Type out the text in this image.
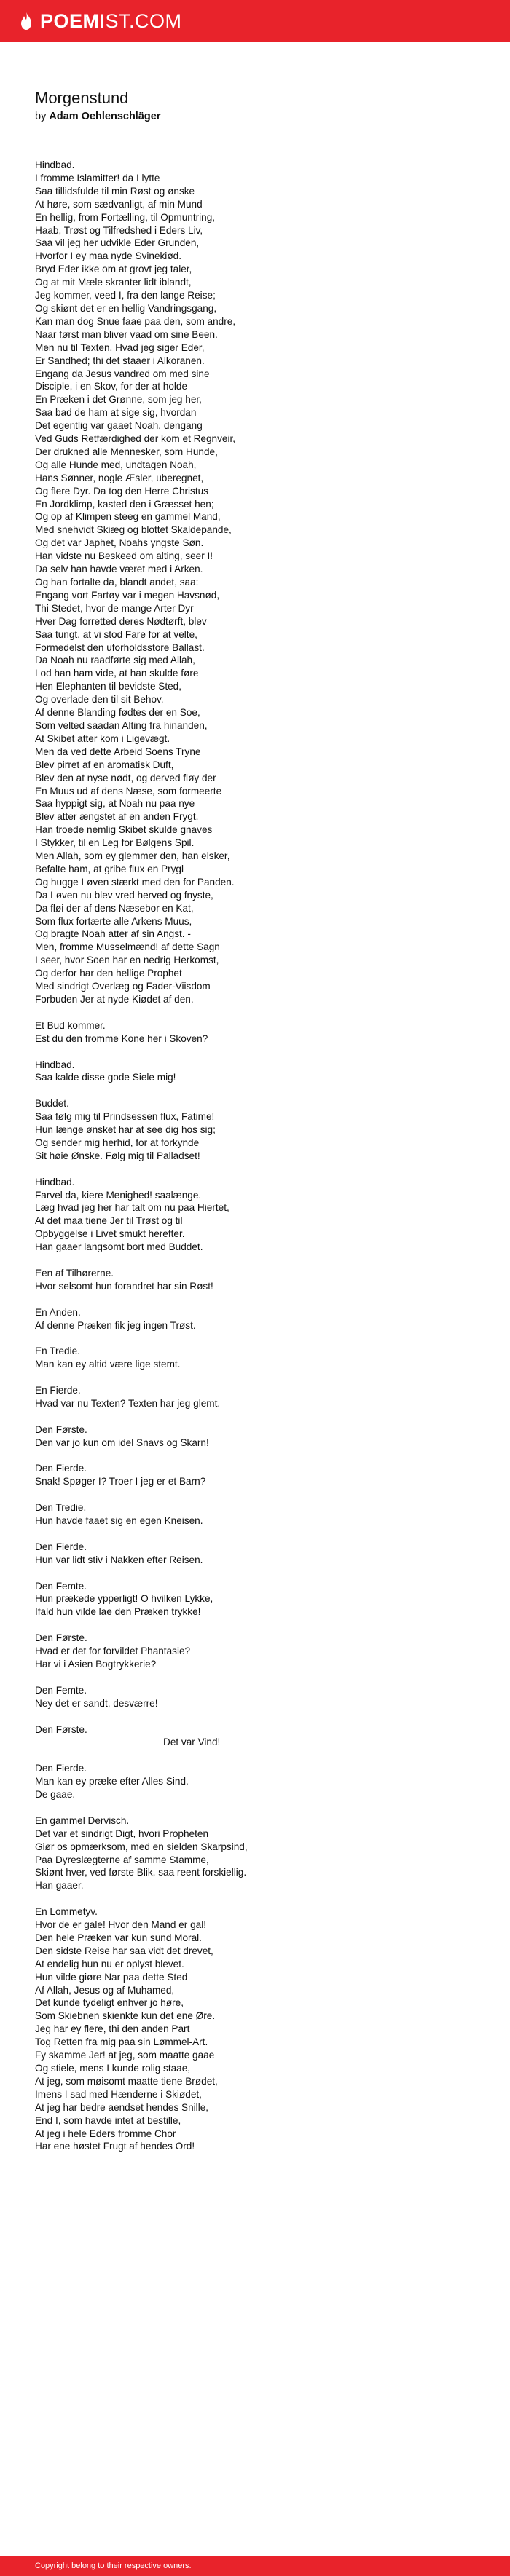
POEMIST.COM
Morgenstund
by Adam Oehlenschläger
Hindbad.
I fromme Islamitter! da I lytte
Saa tillidsfulde til min Røst og ønske
At høre, som sædvanligt, af min Mund
En hellig, from Fortælling, til Opmuntring,
Haab, Trøst og Tilfredshed i Eders Liv,
Saa vil jeg her udvikle Eder Grunden,
Hvorfor I ey maa nyde Svinekiød.
Bryd Eder ikke om at grovt jeg taler,
Og at mit Mæle skranter lidt iblandt,
Jeg kommer, veed I, fra den lange Reise;
Og skiønt det er en hellig Vandringsgang,
Kan man dog Snue faae paa den, som andre,
Naar først man bliver vaad om sine Been.
Men nu til Texten. Hvad jeg siger Eder,
Er Sandhed; thi det staaer i Alkoranen.
Engang da Jesus vandred om med sine
Disciple, i en Skov, for der at holde
En Præken i det Grønne, som jeg her,
Saa bad de ham at sige sig, hvordan
Det egentlig var gaaet Noah, dengang
Ved Guds Retfærdighed der kom et Regnveir,
Der drukned alle Mennesker, som Hunde,
Og alle Hunde med, undtagen Noah,
Hans Sønner, nogle Æsler, uberegnet,
Og flere Dyr. Da tog den Herre Christus
En Jordklimp, kasted den i Græsset hen;
Og op af Klimpen steeg en gammel Mand,
Med snehvidt Skiæg og blottet Skaldepande,
Og det var Japhet, Noahs yngste Søn.
Han vidste nu Beskeed om alting, seer I!
Da selv han havde været med i Arken.
Og han fortalte da, blandt andet, saa:
Engang vort Fartøy var i megen Havsnød,
Thi Stedet, hvor de mange Arter Dyr
Hver Dag forretted deres Nødtørft, blev
Saa tungt, at vi stod Fare for at velte,
Formedelst den uforholdsstore Ballast.
Da Noah nu raadførte sig med Allah,
Lod han ham vide, at han skulde føre
Hen Elephanten til bevidste Sted,
Og overlade den til sit Behov.
Af denne Blanding fødtes der en Soe,
Som velted saadan Alting fra hinanden,
At Skibet atter kom i Ligevægt.
Men da ved dette Arbeid Soens Tryne
Blev pirret af en aromatisk Duft,
Blev den at nyse nødt, og derved fløy der
En Muus ud af dens Næse, som formeerte
Saa hyppigt sig, at Noah nu paa nye
Blev atter ængstet af en anden Frygt.
Han troede nemlig Skibet skulde gnaves
I Stykker, til en Leg for Bølgens Spil.
Men Allah, som ey glemmer den, han elsker,
Befalte ham, at gribe flux en Prygl
Og hugge Løven stærkt med den for Panden.
Da Løven nu blev vred herved og fnyste,
Da fløi der af dens Næsebor en Kat,
Som flux fortærte alle Arkens Muus,
Og bragte Noah atter af sin Angst. -
Men, fromme Musselmænd! af dette Sagn
I seer, hvor Soen har en nedrig Herkomst,
Og derfor har den hellige Prophet
Med sindrigt Overlæg og Fader-Viisdom
Forbuden Jer at nyde Kiødet af den.
Et Bud kommer.
Est du den fromme Kone her i Skoven?
Hindbad.
Saa kalde disse gode Siele mig!
Buddet.
Saa følg mig til Prindsessen flux, Fatime!
Hun længe ønsket har at see dig hos sig;
Og sender mig herhid, for at forkynde
Sit høie Ønske. Følg mig til Palladset!
Hindbad.
Farvel da, kiere Menighed! saalænge.
Læg hvad jeg her har talt om nu paa Hiertet,
At det maa tiene Jer til Trøst og til
Opbyggelse i Livet smukt herefter.
Han gaaer langsomt bort med Buddet.
Een af Tilhørerne.
Hvor selsomt hun forandret har sin Røst!
En Anden.
Af denne Præken fik jeg ingen Trøst.
En Tredie.
Man kan ey altid være lige stemt.
En Fierde.
Hvad var nu Texten? Texten har jeg glemt.
Den Første.
Den var jo kun om idel Snavs og Skarn!
Den Fierde.
Snak! Spøger I? Troer I jeg er et Barn?
Den Tredie.
Hun havde faaet sig en egen Kneisen.
Den Fierde.
Hun var lidt stiv i Nakken efter Reisen.
Den Femte.
Hun prækede ypperligt! O hvilken Lykke,
Ifald hun vilde lae den Præken trykke!
Den Første.
Hvad er det for forvildet Phantasie?
Har vi i Asien Bogtrykkerie?
Den Femte.
Ney det er sandt, desværre!
Den Første.
Det var Vind!
Den Fierde.
Man kan ey præke efter Alles Sind.
De gaae.
En gammel Dervisch.
Det var et sindrigt Digt, hvori Propheten
Giør os opmærksom, med en sielden Skarpsind,
Paa Dyreslægterne af samme Stamme,
Skiønt hver, ved første Blik, saa reent forskiellig.
Han gaaer.
En Lommetyv.
Hvor de er gale! Hvor den Mand er gal!
Den hele Præken var kun sund Moral.
Den sidste Reise har saa vidt det drevet,
At endelig hun nu er oplyst blevet.
Hun vilde giøre Nar paa dette Sted
Af Allah, Jesus og af Muhamed,
Det kunde tydeligt enhver jo høre,
Som Skiebnen skienkte kun det ene Øre.
Jeg har ey flere, thi den anden Part
Tog Retten fra mig paa sin Lømmel-Art.
Fy skamme Jer! at jeg, som maatte gaae
Og stiele, mens I kunde rolig staae,
At jeg, som møisomt maatte tiene Brødet,
Imens I sad med Hænderne i Skiødet,
At jeg har bedre aendset hendes Snille,
End I, som havde intet at bestille,
At jeg i hele Eders fromme Chor
Har ene høstet Frugt af hendes Ord!
Copyright belong to their respective owners.
